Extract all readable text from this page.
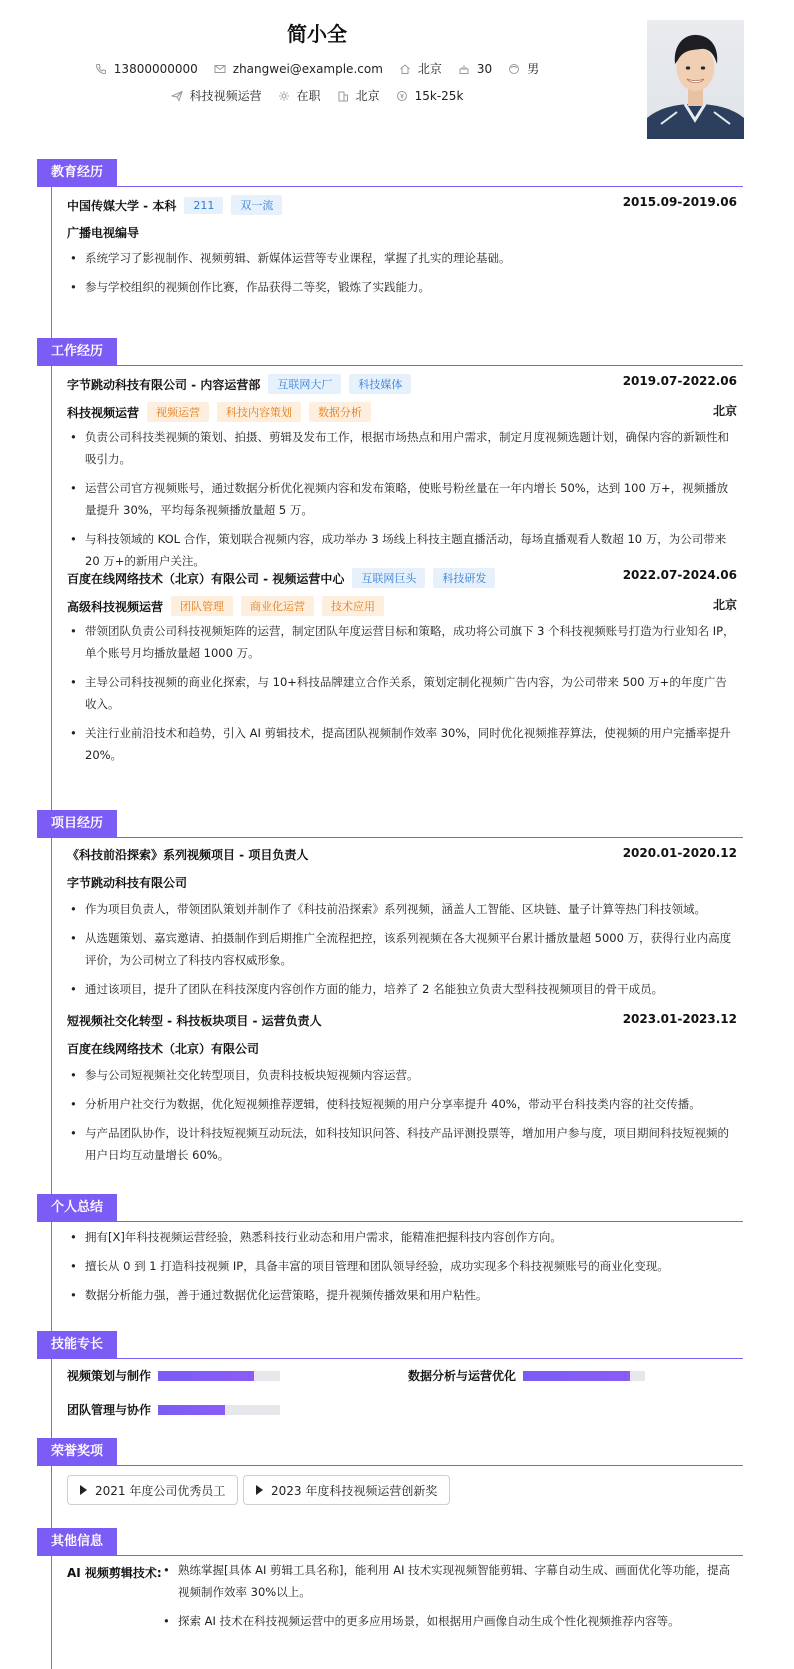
简小全
13800000000	zhangwei@example.com	北京	30	男
科技视频运营	在职	北京	15k-25k
教育经历
中国传媒大学 - 本科	211	双一流	2015.09-2019.06
广播电视编导
• 系统学习了影视制作、视频剪辑、新媒体运营等专业课程，掌握了扎实的理论基础。
• 参与学校组织的视频创作比赛，作品获得二等奖，锻炼了实践能力。
工作经历
字节跳动科技有限公司 - 内容运营部	互联网大厂	科技媒体	2019.07-2022.06
科技视频运营	视频运营	科技内容策划	数据分析	北京
• 负责公司科技类视频的策划、拍摄、剪辑及发布工作，根据市场热点和用户需求，制定月度视频选题计划，确保内容的新颖性和吸引力。
• 运营公司官方视频账号，通过数据分析优化视频内容和发布策略，使账号粉丝量在一年内增长 50%，达到 100 万+，视频播放量提升 30%，平均每条视频播放量超 5 万。
• 与科技领域的 KOL 合作，策划联合视频内容，成功举办 3 场线上科技主题直播活动，每场直播观看人数超 10 万，为公司带来 20 万+的新用户关注。
百度在线网络技术（北京）有限公司 - 视频运营中心	互联网巨头	科技研发	2022.07-2024.06
高级科技视频运营	团队管理	商业化运营	技术应用	北京
• 带领团队负责公司科技视频矩阵的运营，制定团队年度运营目标和策略，成功将公司旗下 3 个科技视频账号打造为行业知名 IP，单个账号月均播放量超 1000 万。
• 主导公司科技视频的商业化探索，与 10+科技品牌建立合作关系，策划定制化视频广告内容，为公司带来 500 万+的年度广告收入。
• 关注行业前沿技术和趋势，引入 AI 剪辑技术，提高团队视频制作效率 30%，同时优化视频推荐算法，使视频的用户完播率提升 20%。
项目经历
《科技前沿探索》系列视频项目 - 项目负责人	2020.01-2020.12
字节跳动科技有限公司
• 作为项目负责人，带领团队策划并制作了《科技前沿探索》系列视频，涵盖人工智能、区块链、量子计算等热门科技领域。
• 从选题策划、嘉宾邀请、拍摄制作到后期推广全流程把控，该系列视频在各大视频平台累计播放量超 5000 万，获得行业内高度评价，为公司树立了科技内容权威形象。
• 通过该项目，提升了团队在科技深度内容创作方面的能力，培养了 2 名能独立负责大型科技视频项目的骨干成员。
短视频社交化转型 - 科技板块项目 - 运营负责人	2023.01-2023.12
百度在线网络技术（北京）有限公司
• 参与公司短视频社交化转型项目，负责科技板块短视频内容运营。
• 分析用户社交行为数据，优化短视频推荐逻辑，使科技短视频的用户分享率提升 40%，带动平台科技类内容的社交传播。
• 与产品团队协作，设计科技短视频互动玩法，如科技知识问答、科技产品评测投票等，增加用户参与度，项目期间科技短视频的用户日均互动量增长 60%。
个人总结
• 拥有[X]年科技视频运营经验，熟悉科技行业动态和用户需求，能精准把握科技内容创作方向。
• 擅长从 0 到 1 打造科技视频 IP，具备丰富的项目管理和团队领导经验，成功实现多个科技视频账号的商业化变现。
• 数据分析能力强，善于通过数据优化运营策略，提升视频传播效果和用户粘性。
技能专长
视频策划与制作	数据分析与运营优化
团队管理与协作
荣誉奖项
2021 年度公司优秀员工	2023 年度科技视频运营创新奖
其他信息
AI 视频剪辑技术:
•	熟练掌握[具体 AI 剪辑工具名称]，能利用 AI 技术实现视频智能剪辑、字幕自动生成、画面优化等功能，提高视频制作效率 30%以上。
• 探索 AI 技术在科技视频运营中的更多应用场景，如根据用户画像自动生成个性化视频推荐内容等。
